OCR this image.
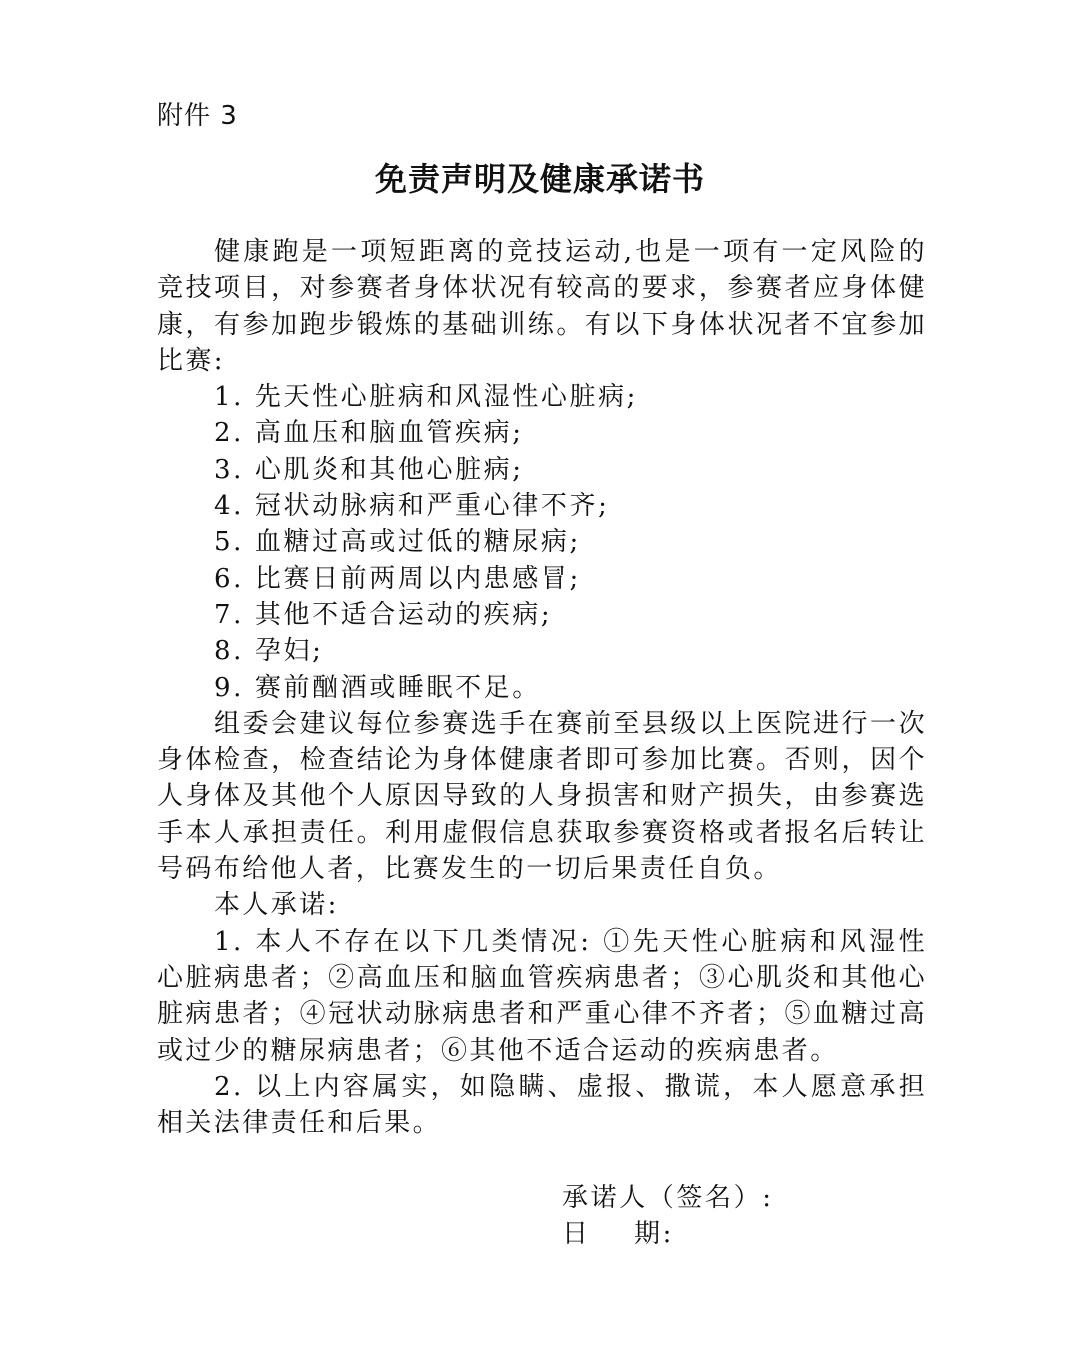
附件 3
免责声明及健康承诺书

健康跑是一项短距离的竞技运动,也是一项有一定风险的竞技项目，对参赛者身体状况有较高的要求，参赛者应身体健康，有参加跑步锻炼的基础训练。有以下身体状况者不宜参加比赛:

1. 先天性心脏病和风湿性心脏病;

2. 高血压和脑血管疾病;

3. 心肌炎和其他心脏病;

4. 冠状动脉病和严重心律不齐;

5. 血糖过高或过低的糖尿病;

6. 比赛日前两周以内患感冒;

7. 其他不适合运动的疾病;

8. 孕妇;

9. 赛前酗酒或睡眠不足。

组委会建议每位参赛选手在赛前至县级以上医院进行一次身体检查，检查结论为身体健康者即可参加比赛。否则，因个人身体及其他个人原因导致的人身损害和财产损失，由参赛选手本人承担责任。利用虚假信息获取参赛资格或者报名后转让号码布给他人者，比赛发生的一切后果责任自负。

本人承诺:

1. 本人不存在以下几类情况: ①先天性心脏病和风湿性心脏病患者；②高血压和脑血管疾病患者；③心肌炎和其他心脏病患者；④冠状动脉病患者和严重心律不齐者；⑤血糖过高或过少的糖尿病患者；⑥其他不适合运动的疾病患者。

2. 以上内容属实，如隐瞒、虚报、撒谎，本人愿意承担相关法律责任和后果。

承诺人（签名）:
日    期:
